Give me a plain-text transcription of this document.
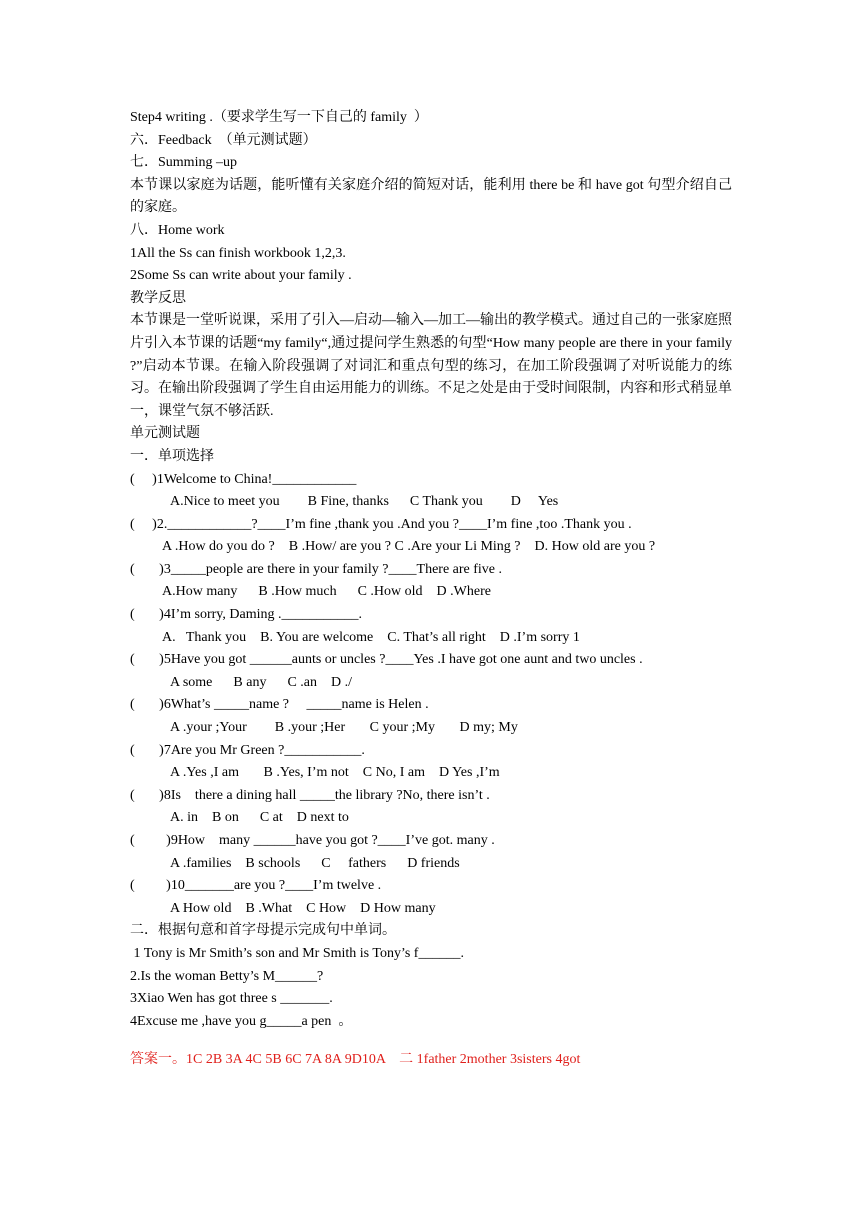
Step4 writing .（要求学生写一下自己的 family  ）
六．Feedback  （单元测试题）
七．Summing –up
本节课以家庭为话题，能听懂有关家庭介绍的简短对话，能利用 there be 和 have got 句型介绍自己的家庭。
八．Home work
1All the Ss can finish workbook 1,2,3.
2Some Ss can write about your family .
教学反思
本节课是一堂听说课，采用了引入—启动—输入—加工—输出的教学模式。通过自己的一张家庭照片引入本节课的话题“my family“,通过提问学生熟悉的句型“How many people are there in your family ?”启动本节课。在输入阶段强调了对词汇和重点句型的练习，在加工阶段强调了对听说能力的练习。在输出阶段强调了学生自由运用能力的训练。不足之处是由于受时间限制，内容和形式稍显单一，课堂气氛不够活跃.
单元测试题
一．单项选择
(     )1Welcome to China!____________
A.Nice to meet you        B Fine, thanks      C Thank you        D     Yes
(     )2.____________?____I’m fine ,thank you .And you ?____I’m fine ,too .Thank you .
A .How do you do ?    B .How/ are you ? C .Are your Li Ming ?    D. How old are you ?
(       )3_____people are there in your family ?____There are five .
A.How many      B .How much      C .How old    D .Where
(       )4I’m sorry, Daming .___________.
A.   Thank you    B. You are welcome    C. That’s all right    D .I’m sorry 1
(       )5Have you got ______aunts or uncles ?____Yes .I have got one aunt and two uncles .
A some      B any      C .an    D ./
(       )6What’s _____name ?     _____name is Helen .
A .your ;Your        B .your ;Her       C your ;My       D my; My
(       )7Are you Mr Green ?___________.
A .Yes ,I am       B .Yes, I’m not    C No, I am    D Yes ,I’m
(       )8Is    there a dining hall _____the library ?No, there isn’t .
A. in    B on      C at    D next to
(         )9How    many ______have you got ?____I’ve got. many .
A .families    B schools      C     fathers      D friends
(         )10_______are you ?____I’m twelve .
A How old    B .What    C How    D How many
二．根据句意和首字母提示完成句中单词。
1 Tony is Mr Smith’s son and Mr Smith is Tony’s f______.
2.Is the woman Betty’s M______?
3Xiao Wen has got three s _______.
4Excuse me ,have you g_____a pen  。
答案一。1C 2B 3A 4C 5B 6C 7A 8A 9D10A    二 1father 2mother 3sisters 4got
